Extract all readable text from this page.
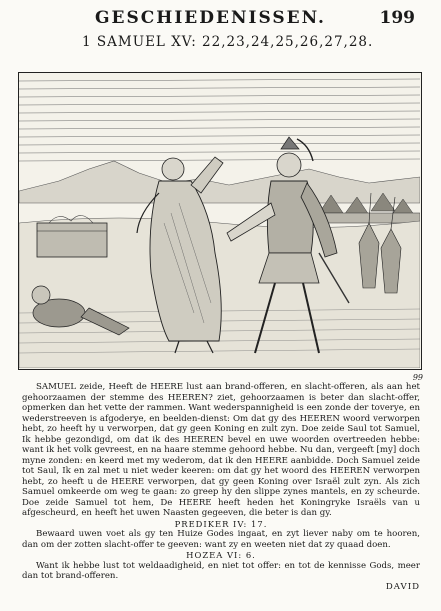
GESCHIEDENISSEN.	199
1 SAMUEL XV: 22,23,24,25,26,27,28.
99

SAMUEL zeide, Heeft de HEERE lust aan brand-offeren, en slacht-offeren, als aan het gehoorzaamen der stemme des HEEREN? ziet, gehoorzaamen is beter dan slacht-offer, opmerken dan het vette der rammen. Want wederspannigheid is een zonde der toverye, en wederstreeven is afgoderye, en beelden-dienst: Om dat gy des HEEREN woord verworpen hebt, zo heeft hy u verworpen, dat gy geen Koning en zult zyn. Doe zeide Saul tot Samuel, Ik hebbe gezondigd, om dat ik des HEEREN bevel en uwe woorden overtreeden hebbe: want ik het volk gevreest, en na haare stemme gehoord hebbe. Nu dan, vergeeft [my] doch myne zonden: en keerd met my wederom, dat ik den HEERE aanbidde. Doch Samuel zeide tot Saul, Ik en zal met u niet weder keeren: om dat gy het woord des HEEREN verworpen hebt, zo heeft u de HEERE verworpen, dat gy geen Koning over Israël zult zyn. Als zich Samuel omkeerde om weg te gaan: zo greep hy den slippe zynes mantels, en zy scheurde. Doe zeide Samuel tot hem, De HEERE heeft heden het Koningryke Israëls van u afgescheurd, en heeft het uwen Naasten gegeeven, die beter is dan gy.

PREDIKER IV: 17.

Bewaard uwen voet als gy ten Huize Godes ingaat, en zyt liever naby om te hooren, dan om der zotten slacht-offer te geeven: want zy en weeten niet dat zy quaad doen.

HOZEA VI: 6.

Want ik hebbe lust tot weldaadigheid, en niet tot offer: en tot de kennisse Gods, meer dan tot brand-offeren.

DAVID
